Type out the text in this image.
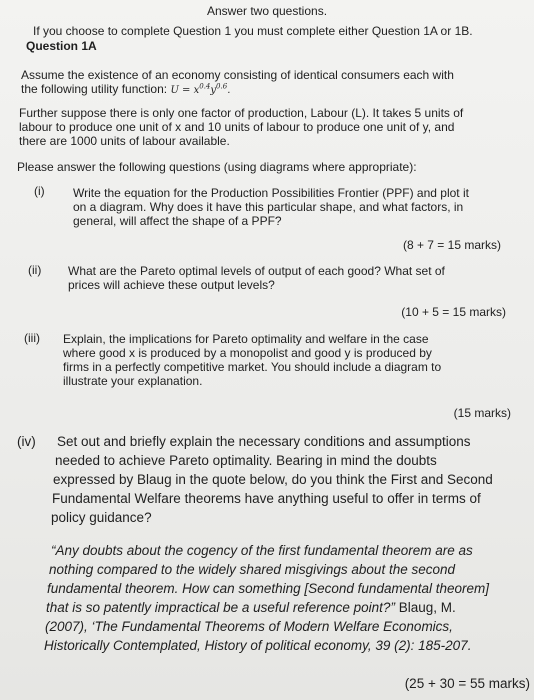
Answer two questions.
If you choose to complete Question 1 you must complete either Question 1A or 1B.
Question 1A
Assume the existence of an economy consisting of identical consumers each with
the following utility function: $U = x^{0.4}y^{0.6}$.
Further suppose there is only one factor of production, Labour (L). It takes 5 units of
labour to produce one unit of x and 10 units of labour to produce one unit of y, and
there are 1000 units of labour available.
Please answer the following questions (using diagrams where appropriate):
(i) Write the equation for the Production Possibilities Frontier (PPF) and plot it
on a diagram. Why does it have this particular shape, and what factors, in
general, will affect the shape of a PPF?
(8 + 7 = 15 marks)
(ii) What are the Pareto optimal levels of output of each good? What set of
prices will achieve these output levels?
(10 + 5 = 15 marks)
(iii) Explain, the implications for Pareto optimality and welfare in the case
where good x is produced by a monopolist and good y is produced by
firms in a perfectly competitive market. You should include a diagram to
illustrate your explanation.
(15 marks)
(iv) Set out and briefly explain the necessary conditions and assumptions
needed to achieve Pareto optimality. Bearing in mind the doubts
expressed by Blaug in the quote below, do you think the First and Second
Fundamental Welfare theorems have anything useful to offer in terms of
policy guidance?
“Any doubts about the cogency of the first fundamental theorem are as
nothing compared to the widely shared misgivings about the second
fundamental theorem. How can something [Second fundamental theorem]
that is so patently impractical be a useful reference point?” Blaug, M.
(2007), ‘The Fundamental Theorems of Modern Welfare Economics,
Historically Contemplated, History of political economy, 39 (2): 185-207.
(25 + 30 = 55 marks)
